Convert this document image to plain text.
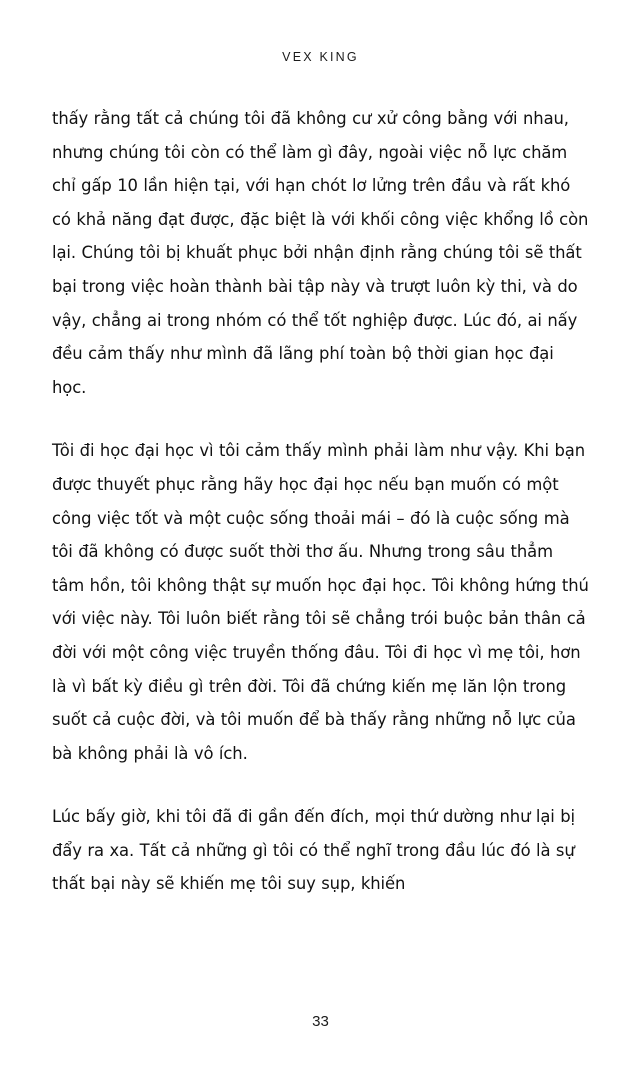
VEX KING

thấy rằng tất cả chúng tôi đã không cư xử công bằng với nhau, nhưng chúng tôi còn có thể làm gì đây, ngoài việc nỗ lực chăm chỉ gấp 10 lần hiện tại, với hạn chót lơ lửng trên đầu và rất khó có khả năng đạt được, đặc biệt là với khối công việc khổng lồ còn lại. Chúng tôi bị khuất phục bởi nhận định rằng chúng tôi sẽ thất bại trong việc hoàn thành bài tập này và trượt luôn kỳ thi, và do vậy, chẳng ai trong nhóm có thể tốt nghiệp được. Lúc đó, ai nấy đều cảm thấy như mình đã lãng phí toàn bộ thời gian học đại học.

Tôi đi học đại học vì tôi cảm thấy mình phải làm như vậy. Khi bạn được thuyết phục rằng hãy học đại học nếu bạn muốn có một công việc tốt và một cuộc sống thoải mái – đó là cuộc sống mà tôi đã không có được suốt thời thơ ấu. Nhưng trong sâu thẳm tâm hồn, tôi không thật sự muốn học đại học. Tôi không hứng thú với việc này. Tôi luôn biết rằng tôi sẽ chẳng trói buộc bản thân cả đời với một công việc truyền thống đâu. Tôi đi học vì mẹ tôi, hơn là vì bất kỳ điều gì trên đời. Tôi đã chứng kiến mẹ lăn lộn trong suốt cả cuộc đời, và tôi muốn để bà thấy rằng những nỗ lực của bà không phải là vô ích.

Lúc bấy giờ, khi tôi đã đi gần đến đích, mọi thứ dường như lại bị đẩy ra xa. Tất cả những gì tôi có thể nghĩ trong đầu lúc đó là sự thất bại này sẽ khiến mẹ tôi suy sụp, khiến

33
